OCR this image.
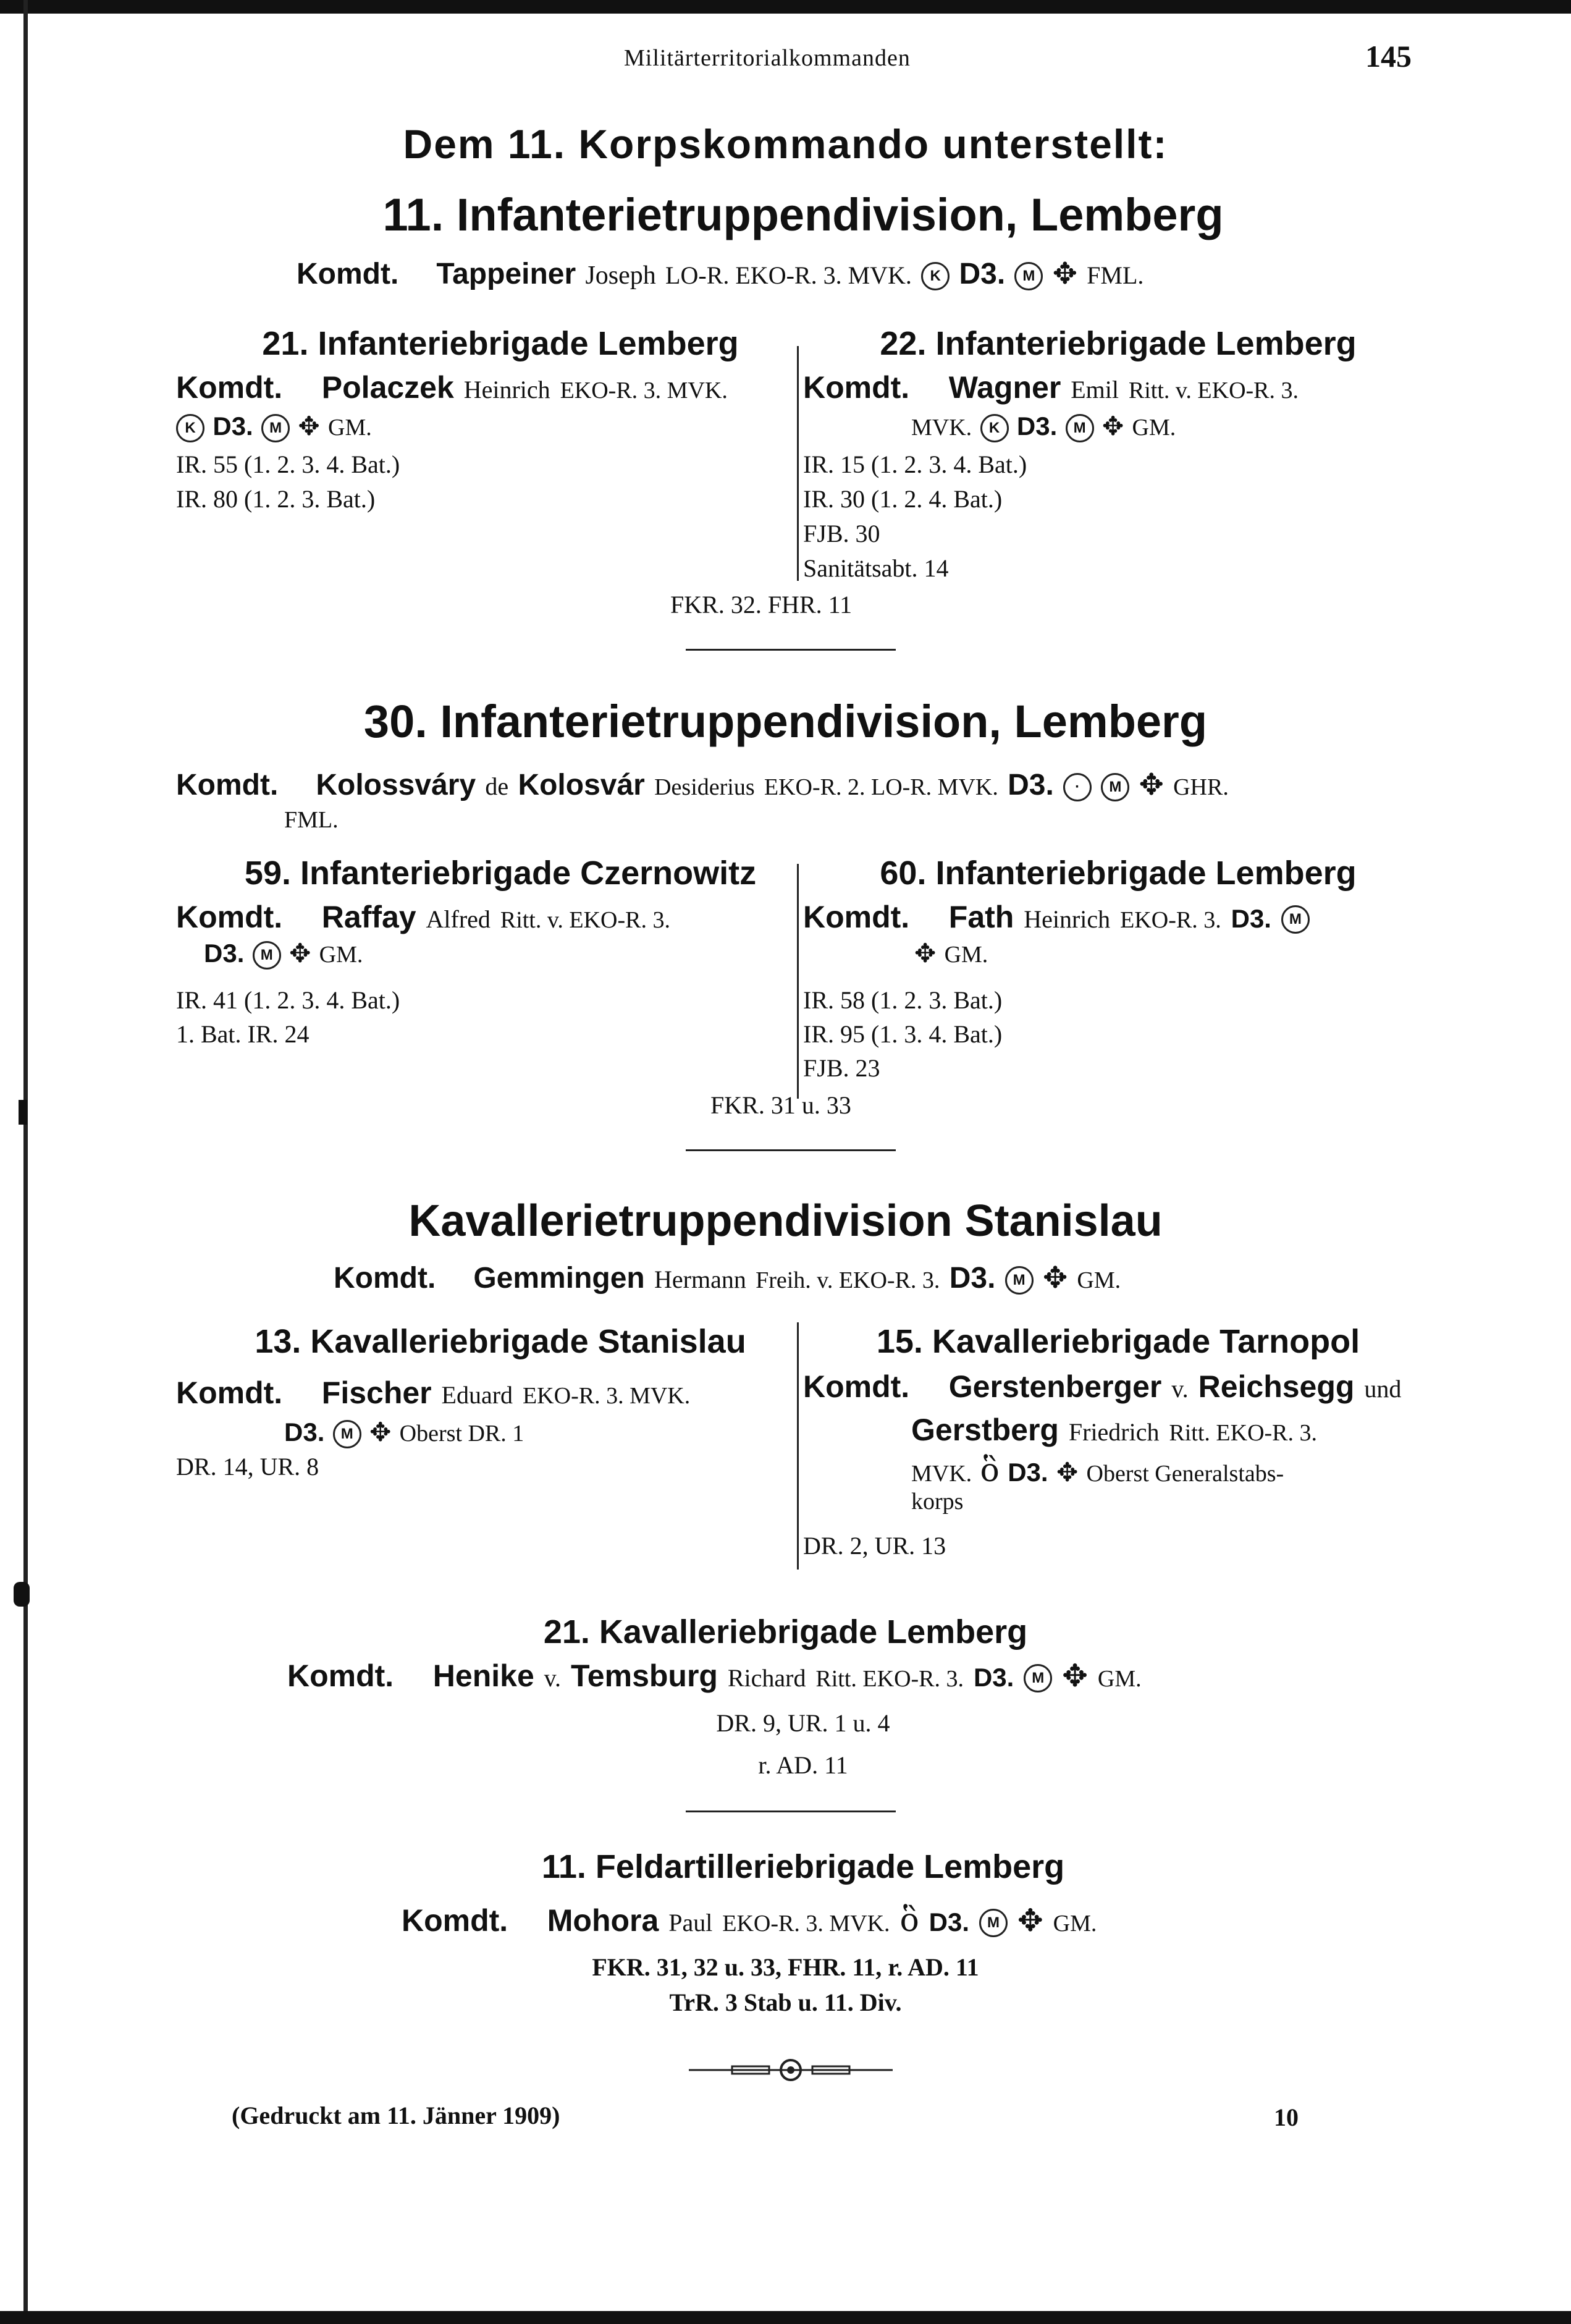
Militärterritorialkommanden	145
Dem 11. Korpskommando unterstellt:
11. Infanterietruppendivision, Lemberg
Komdt. Tappeiner Joseph LO-R. EKO-R. 3. MVK. K D3. M ✥ FML.
21. Infanteriebrigade Lemberg
Komdt. Polaczek Heinrich EKO-R. 3. MVK.
K D3. M ✥ GM.
IR. 55 (1. 2. 3. 4. Bat.)
IR. 80 (1. 2. 3. Bat.)
22. Infanteriebrigade Lemberg
Komdt. Wagner Emil Ritt. v. EKO-R. 3.
MVK. K D3. M ✥ GM.
IR. 15 (1. 2. 3. 4. Bat.)
IR. 30 (1. 2. 4. Bat.)
FJB. 30
Sanitätsabt. 14
FKR. 32. FHR. 11
30. Infanterietruppendivision, Lemberg
Komdt. Kolossváry de Kolosvár Desiderius EKO-R. 2. LO-R. MVK. D3. · M ✥ GHR.
FML.
59. Infanteriebrigade Czernowitz
Komdt. Raffay Alfred Ritt. v. EKO-R. 3.
D3. M ✥ GM.
IR. 41 (1. 2. 3. 4. Bat.)
1. Bat. IR. 24
60. Infanteriebrigade Lemberg
Komdt. Fath Heinrich EKO-R. 3. D3. M
✥ GM.
IR. 58 (1. 2. 3. Bat.)
IR. 95 (1. 3. 4. Bat.)
FJB. 23
FKR. 31 u. 33
Kavallerietruppendivision Stanislau
Komdt. Gemmingen Hermann Freih. v. EKO-R. 3. D3. M ✥ GM.
13. Kavalleriebrigade Stanislau
Komdt. Fischer Eduard EKO-R. 3. MVK.
D3. M ✥ Oberst DR. 1
DR. 14, UR. 8
15. Kavalleriebrigade Tarnopol
Komdt. Gerstenberger v. Reichsegg und
Gerstberg Friedrich Ritt. EKO-R. 3.
MVK. ὃ D3. ✥ Oberst Generalstabs-
korps
DR. 2, UR. 13
21. Kavalleriebrigade Lemberg
Komdt. Henike v. Temsburg Richard Ritt. EKO-R. 3. D3. M ✥ GM.
DR. 9, UR. 1 u. 4
r. AD. 11
11. Feldartilleriebrigade Lemberg
Komdt. Mohora Paul EKO-R. 3. MVK. ὃ D3. M ✥ GM.
FKR. 31, 32 u. 33, FHR. 11, r. AD. 11
TrR. 3 Stab u. 11. Div.
(Gedruckt am 11. Jänner 1909)	10
